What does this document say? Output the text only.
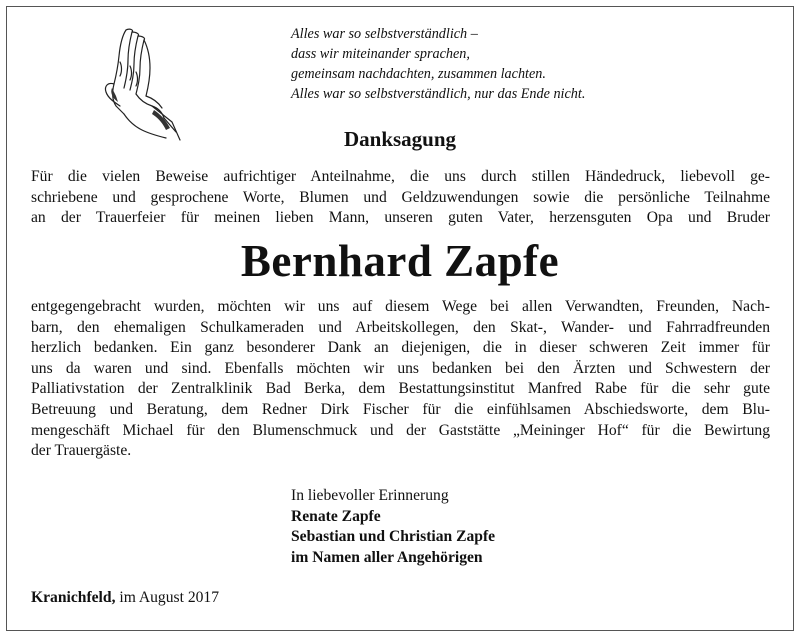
Alles war so selbstverständlich –
dass wir miteinander sprachen,
gemeinsam nachdachten, zusammen lachten.
Alles war so selbstverständlich, nur das Ende nicht.
Danksagung
Für die vielen Beweise aufrichtiger Anteilnahme, die uns durch stillen Händedruck, liebevoll ge-
schriebene und gesprochene Worte, Blumen und Geldzuwendungen sowie die persönliche Teilnahme
an der Trauerfeier für meinen lieben Mann, unseren guten Vater, herzensguten Opa und Bruder
Bernhard Zapfe
entgegengebracht wurden, möchten wir uns auf diesem Wege bei allen Verwandten, Freunden, Nach-
barn, den ehemaligen Schulkameraden und Arbeitskollegen, den Skat-, Wander- und Fahrradfreunden
herzlich bedanken. Ein ganz besonderer Dank an diejenigen, die in dieser schweren Zeit immer für
uns da waren und sind. Ebenfalls möchten wir uns bedanken bei den Ärzten und Schwestern der
Palliativstation der Zentralklinik Bad Berka, dem Bestattungsinstitut Manfred Rabe für die sehr gute
Betreuung und Beratung, dem Redner Dirk Fischer für die einfühlsamen Abschiedsworte, dem Blu-
mengeschäft Michael für den Blumenschmuck und der Gaststätte „Meininger Hof“ für die Bewirtung
der Trauergäste.
In liebevoller Erinnerung
Renate Zapfe
Sebastian und Christian Zapfe
im Namen aller Angehörigen
Kranichfeld, im August 2017
